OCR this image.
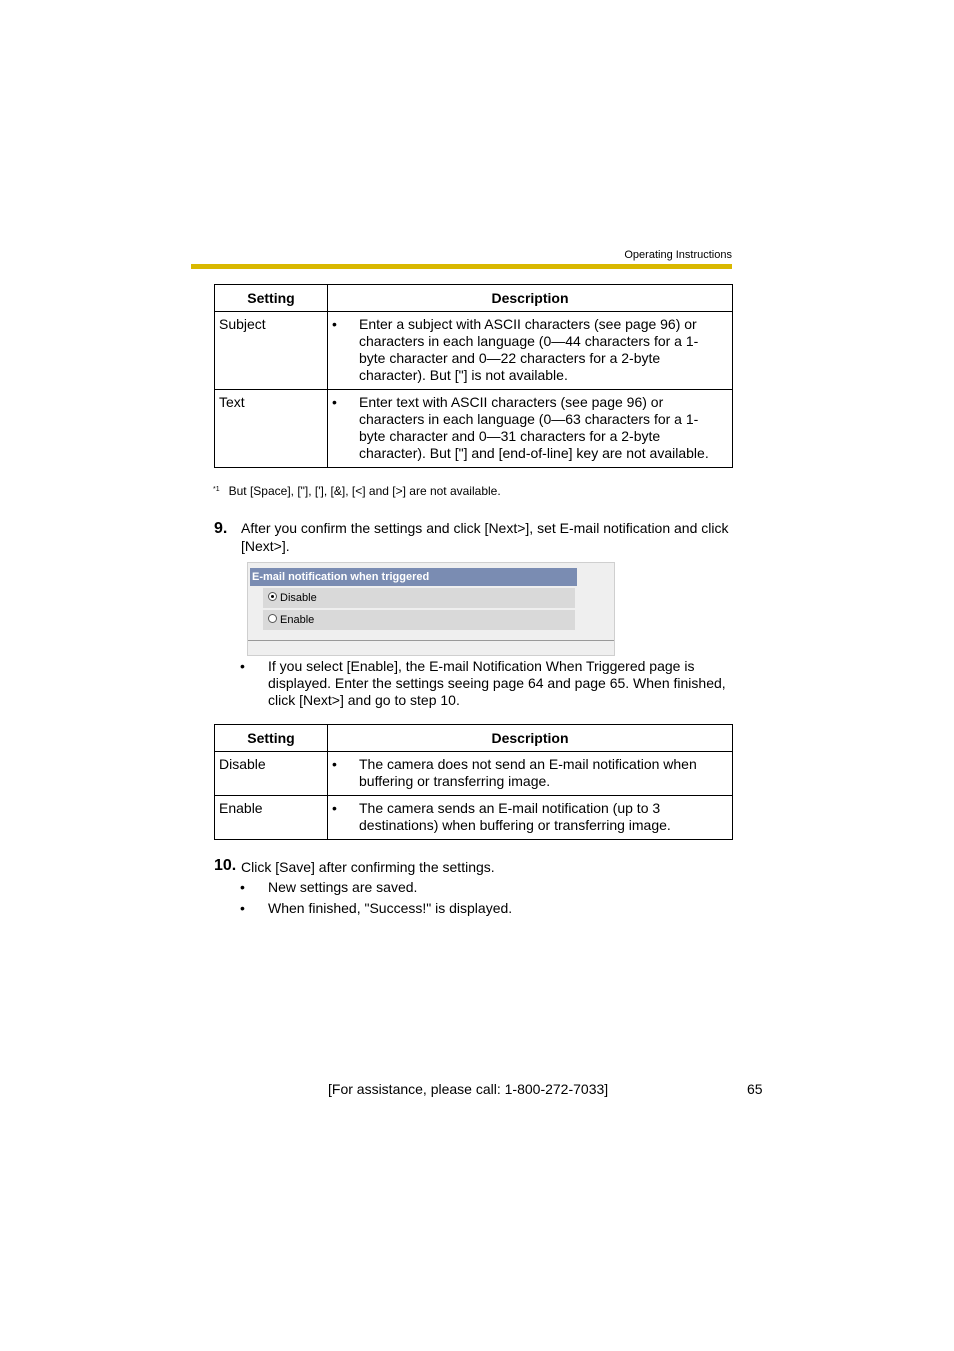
Operating Instructions
Setting	Description
Subject	• Enter a subject with ASCII characters (see page 96) or characters in each language (0—44 characters for a 1-byte character and 0—22 characters for a 2-byte character). But ["] is not available.

Text	• Enter text with ASCII characters (see page 96) or characters in each language (0—63 characters for a 1-byte character and 0—31 characters for a 2-byte character). But ["] and [end-of-line] key are not available.
$^{*1}$ But [Space], ["], ['], [&], [<] and [>] are not available.
9. After you confirm the settings and click [Next>], set E-mail notification and click [Next>].
E-mail notification when triggered
Disable
Enable
•	If you select [Enable], the E-mail Notification When Triggered page is displayed. Enter the settings seeing page 64 and page 65. When finished, click [Next>] and go to step 10.
Setting	Description
Disable	• The camera does not send an E-mail notification when buffering or transferring image.

Enable	• The camera sends an E-mail notification (up to 3 destinations) when buffering or transferring image.
10. Click [Save] after confirming the settings.
•	New settings are saved.
•	When finished, "Success!" is displayed.
[For assistance, please call: 1-800-272-7033]	65
